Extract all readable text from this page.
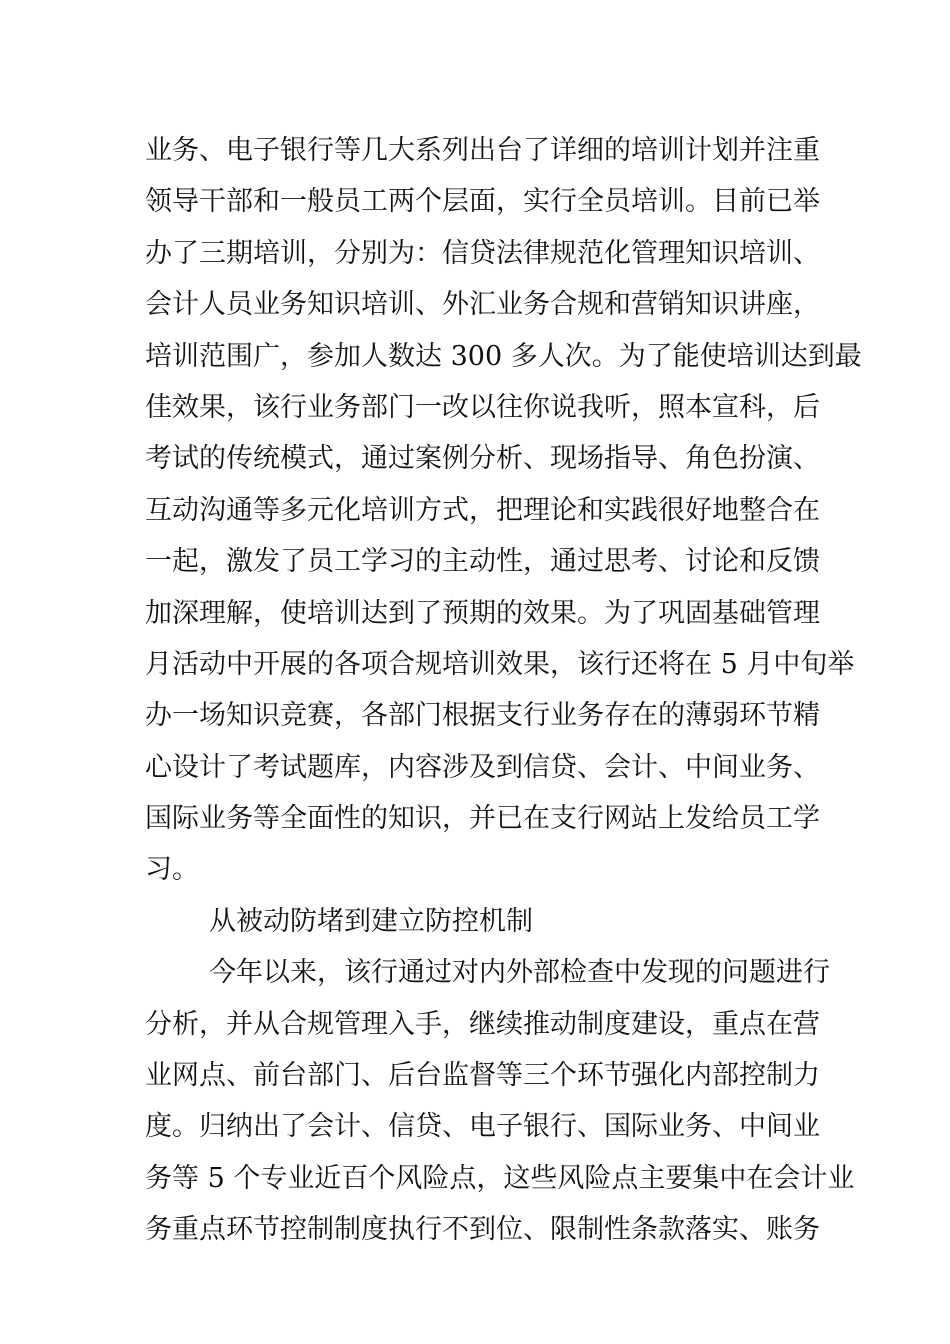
业务、电子银行等几大系列出台了详细的培训计划并注重
领导干部和一般员工两个层面，实行全员培训。目前已举
办了三期培训，分别为：信贷法律规范化管理知识培训、
会计人员业务知识培训、外汇业务合规和营销知识讲座，
培训范围广，参加人数达 300 多人次。为了能使培训达到最
佳效果，该行业务部门一改以往你说我听，照本宣科，后
考试的传统模式，通过案例分析、现场指导、角色扮演、
互动沟通等多元化培训方式，把理论和实践很好地整合在
一起，激发了员工学习的主动性，通过思考、讨论和反馈
加深理解，使培训达到了预期的效果。为了巩固基础管理
月活动中开展的各项合规培训效果，该行还将在 5 月中旬举
办一场知识竞赛，各部门根据支行业务存在的薄弱环节精
心设计了考试题库，内容涉及到信贷、会计、中间业务、
国际业务等全面性的知识，并已在支行网站上发给员工学
习。
从被动防堵到建立防控机制
今年以来，该行通过对内外部检查中发现的问题进行
分析，并从合规管理入手，继续推动制度建设，重点在营
业网点、前台部门、后台监督等三个环节强化内部控制力
度。归纳出了会计、信贷、电子银行、国际业务、中间业
务等 5 个专业近百个风险点，这些风险点主要集中在会计业
务重点环节控制制度执行不到位、限制性条款落实、账务
